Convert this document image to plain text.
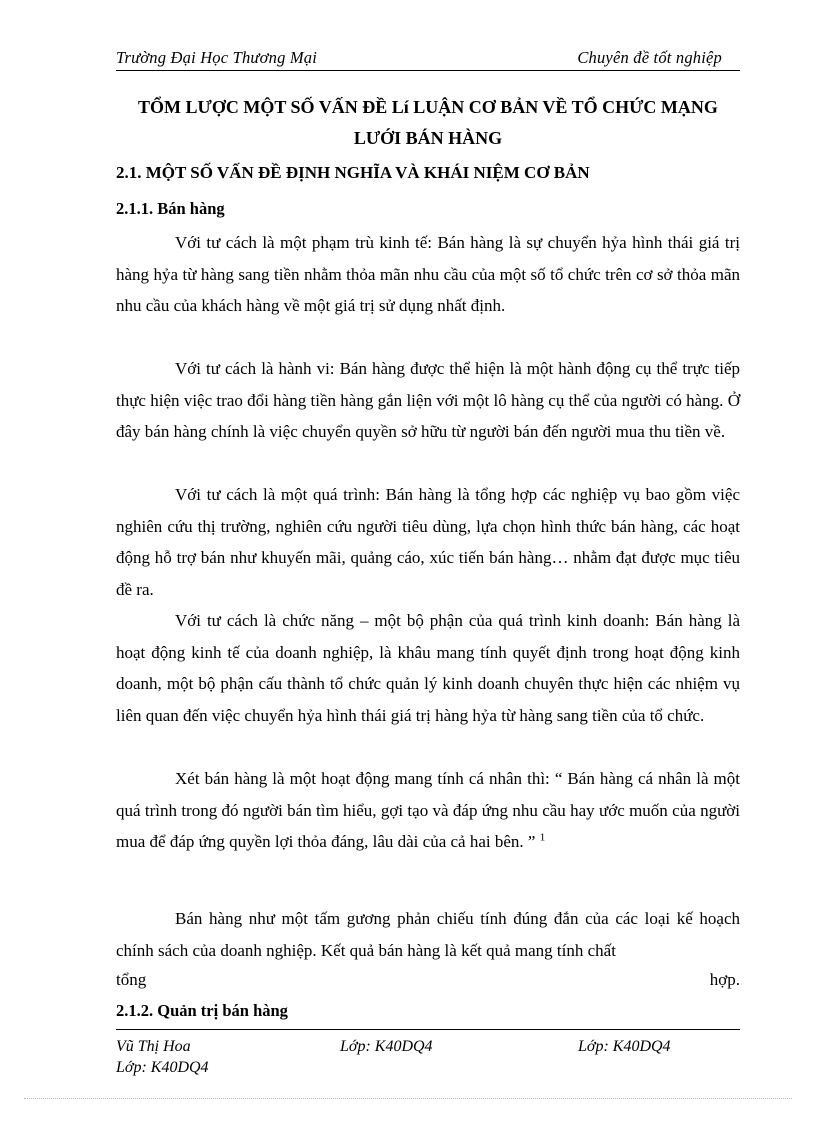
Trường Đại Học Thương Mại	Chuyên đề tốt nghiệp
TỔM LƯỢC MỘT SỐ VẤN ĐỀ Lí LUẬN CƠ BẢN VỀ TỔ CHỨC MẠNG
LƯỚI BÁN HÀNG
2.1. MỘT SỐ VẤN ĐỀ ĐỊNH NGHĨA VÀ KHÁI NIỆM CƠ BẢN
2.1.1. Bán hàng
Với tư cách là một phạm trù kinh tế: Bán hàng là sự chuyển hỷa hình thái giá trị hàng hỷa từ hàng sang tiền nhằm thỏa mãn nhu cầu của một số tổ chức trên cơ sở thỏa mãn nhu cầu của khách hàng về một giá trị sử dụng nhất định.
Với tư cách là hành vi: Bán hàng được thể hiện là một hành động cụ thể trực tiếp thực hiện việc trao đổi hàng tiền hàng gắn liện với một lô hàng cụ thể của người có hàng. Ở đây bán hàng chính là việc chuyển quyền sở hữu từ người bán đến người mua thu tiền về.
Với tư cách là một quá trình: Bán hàng là tổng hợp các nghiệp vụ bao gồm việc nghiên cứu thị trường, nghiên cứu người tiêu dùng, lựa chọn hình thức bán hàng, các hoạt động hỗ trợ bán như khuyến mãi, quảng cáo, xúc tiến bán hàng… nhằm đạt được mục tiêu đề ra.
Với tư cách là chức năng – một bộ phận của quá trình kinh doanh: Bán hàng là hoạt động kinh tế của doanh nghiệp, là khâu mang tính quyết định trong hoạt động kinh doanh, một bộ phận cấu thành tổ chức quản lý kinh doanh chuyên thực hiện các nhiệm vụ liên quan đến việc chuyển hỷa hình thái giá trị hàng hỷa từ hàng sang tiền của tổ chức.
Xét bán hàng là một hoạt động mang tính cá nhân thì: “ Bán hàng cá nhân là một quá trình trong đó người bán tìm hiểu, gợi tạo và đáp ứng nhu cầu hay ước muốn của người mua để đáp ứng quyền lợi thỏa đáng, lâu dài của cả hai bên. ” $^1$
Bán hàng như một tấm gương phản chiếu tính đúng đắn của các loại kế hoạch chính sách của doanh nghiệp. Kết quả bán hàng là kết quả mang tính chất
tổng	hợp.
2.1.2. Quản trị bán hàng
Vũ Thị Hoa	Lớp: K40DQ4	Lớp: K40DQ4
Lớp: K40DQ4
